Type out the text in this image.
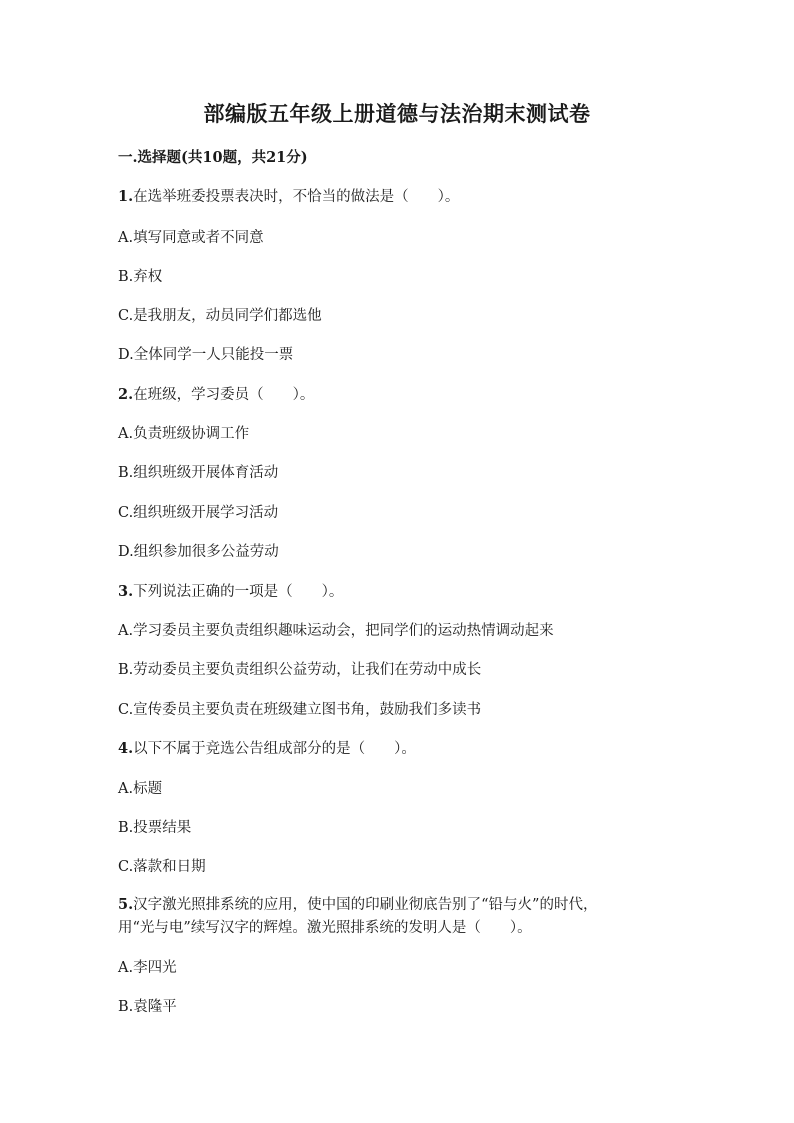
部编版五年级上册道德与法治期末测试卷
一.选择题(共10题，共21分)
1.在选举班委投票表决时，不恰当的做法是（　　）。
A.填写同意或者不同意
B.弃权
C.是我朋友，动员同学们都选他
D.全体同学一人只能投一票
2.在班级，学习委员（　　）。
A.负责班级协调工作
B.组织班级开展体育活动
C.组织班级开展学习活动
D.组织参加很多公益劳动
3.下列说法正确的一项是（　　）。
A.学习委员主要负责组织趣味运动会，把同学们的运动热情调动起来
B.劳动委员主要负责组织公益劳动，让我们在劳动中成长
C.宣传委员主要负责在班级建立图书角，鼓励我们多读书
4.以下不属于竞选公告组成部分的是（　　）。
A.标题
B.投票结果
C.落款和日期
5.汉字激光照排系统的应用，使中国的印刷业彻底告别了“铅与火”的时代，
用“光与电”续写汉字的辉煌。激光照排系统的发明人是（　　）。
A.李四光
B.袁隆平
